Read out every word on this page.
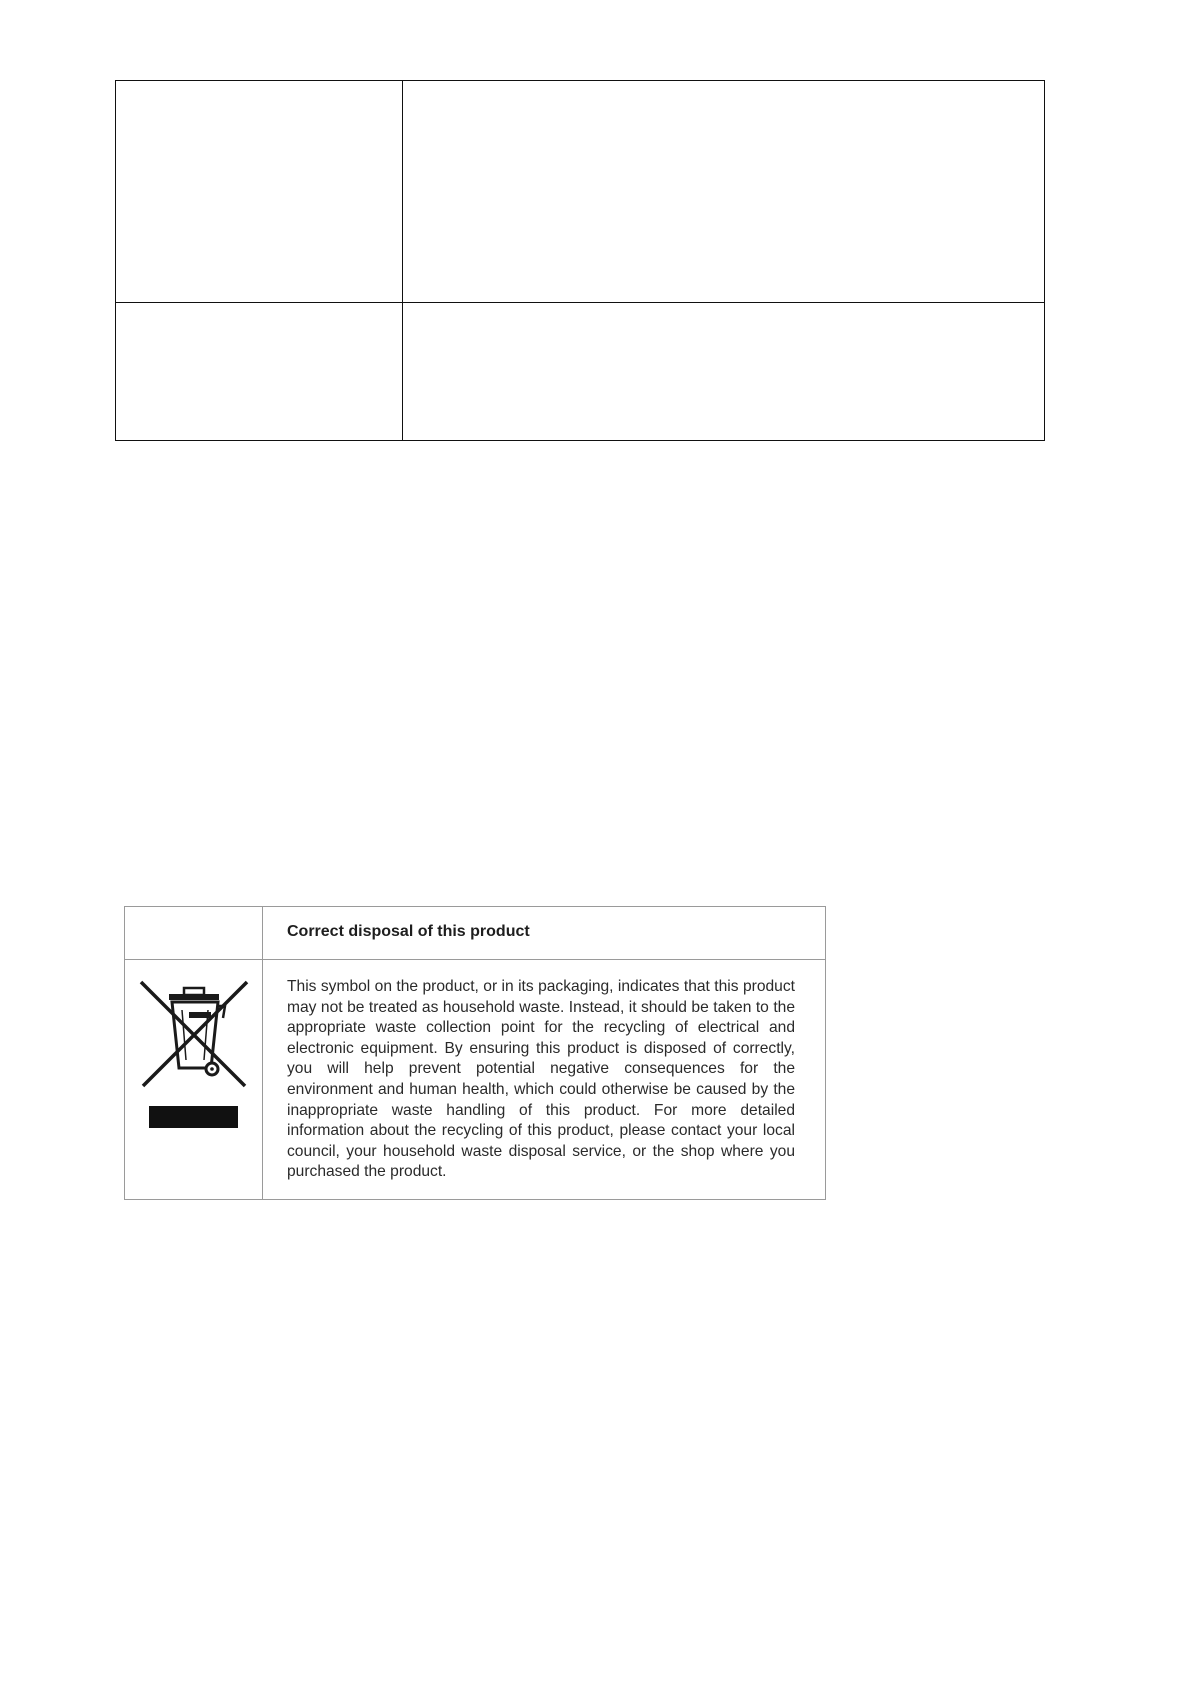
	Correct disposal of this product

	This symbol on the product, or in its packaging, indicates that this product may not be treated as household waste. Instead, it should be taken to the appropriate waste collection point for the recycling of electrical and electronic equipment. By ensuring this product is disposed of correctly, you will help prevent potential negative consequences for the environment and human health, which could otherwise be caused by the inappropriate waste handling of this product. For more detailed information about the recycling of this product, please contact your local council, your household waste disposal service, or the shop where you purchased the product.
